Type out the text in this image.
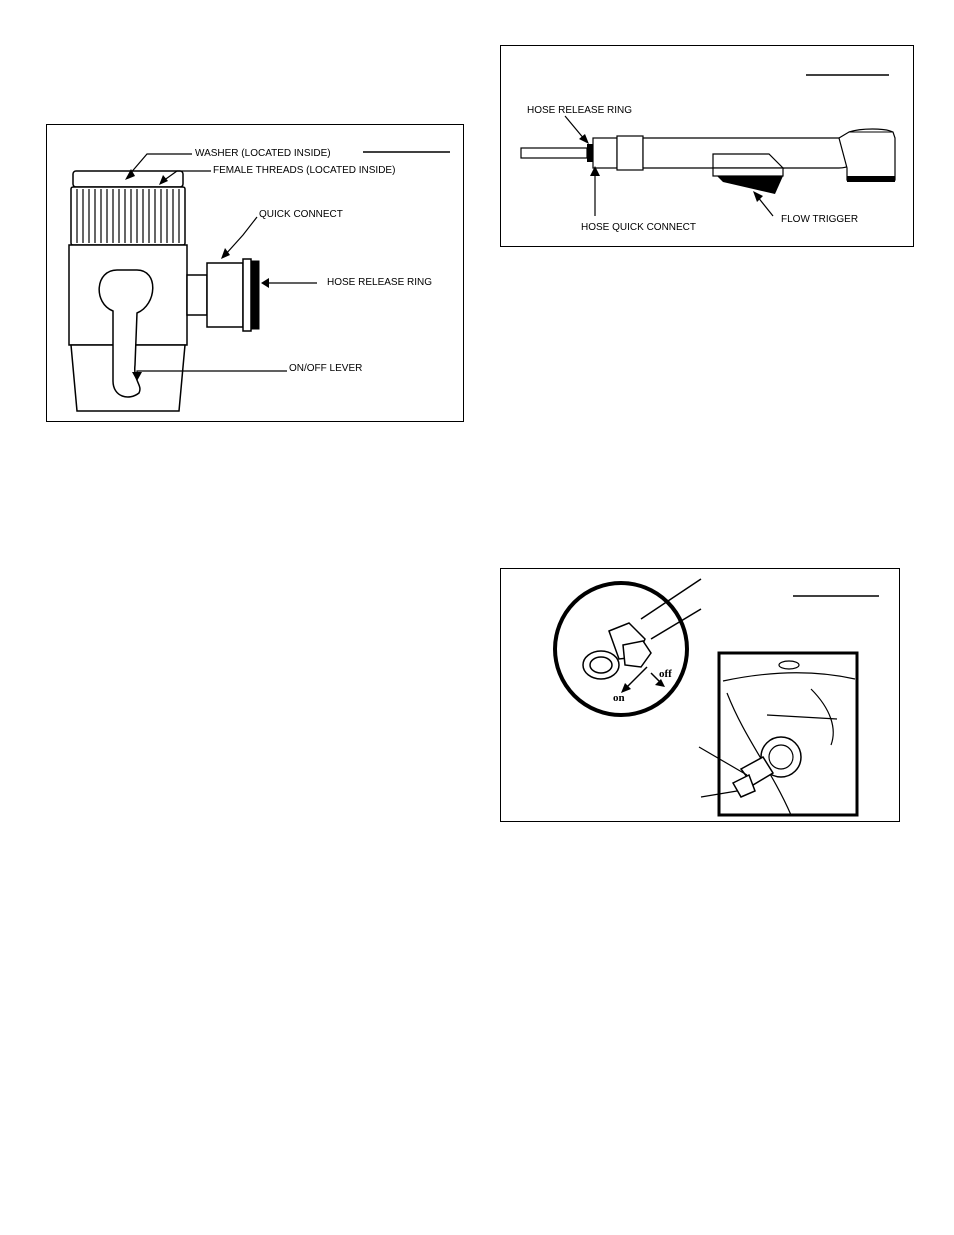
WASHER (LOCATED INSIDE)
FEMALE THREADS (LOCATED INSIDE)
QUICK CONNECT
HOSE RELEASE RING
ON/OFF LEVER
HOSE RELEASE RING
HOSE QUICK CONNECT
FLOW TRIGGER
off
on
